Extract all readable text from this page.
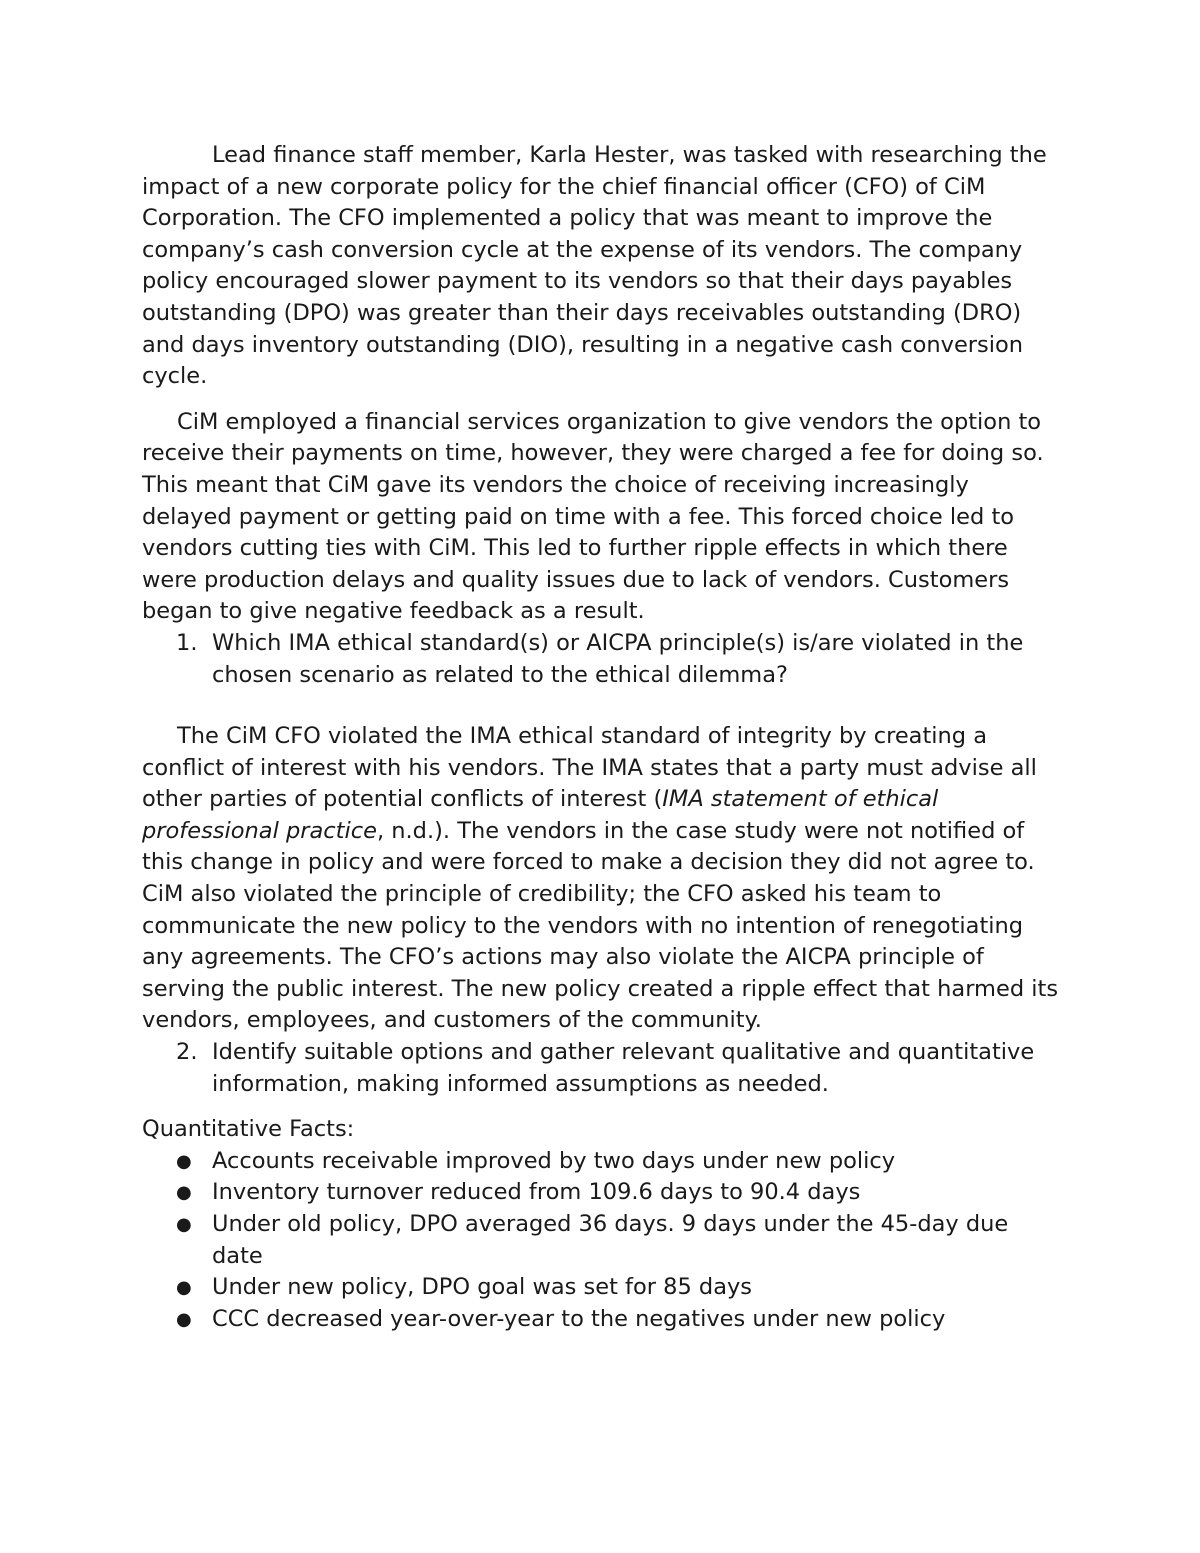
Lead finance staff member, Karla Hester, was tasked with researching the impact of a new corporate policy for the chief financial officer (CFO) of CiM Corporation. The CFO implemented a policy that was meant to improve the company’s cash conversion cycle at the expense of its vendors. The company policy encouraged slower payment to its vendors so that their days payables outstanding (DPO) was greater than their days receivables outstanding (DRO) and days inventory outstanding (DIO), resulting in a negative cash conversion cycle.

CiM employed a financial services organization to give vendors the option to receive their payments on time, however, they were charged a fee for doing so. This meant that CiM gave its vendors the choice of receiving increasingly delayed payment or getting paid on time with a fee. This forced choice led to vendors cutting ties with CiM. This led to further ripple effects in which there were production delays and quality issues due to lack of vendors. Customers began to give negative feedback as a result.

1. Which IMA ethical standard(s) or AICPA principle(s) is/are violated in the chosen scenario as related to the ethical dilemma?

The CiM CFO violated the IMA ethical standard of integrity by creating a conflict of interest with his vendors. The IMA states that a party must advise all other parties of potential conflicts of interest (IMA statement of ethical professional practice, n.d.). The vendors in the case study were not notified of this change in policy and were forced to make a decision they did not agree to. CiM also violated the principle of credibility; the CFO asked his team to communicate the new policy to the vendors with no intention of renegotiating any agreements. The CFO’s actions may also violate the AICPA principle of serving the public interest. The new policy created a ripple effect that harmed its vendors, employees, and customers of the community.

2. Identify suitable options and gather relevant qualitative and quantitative information, making informed assumptions as needed.

Quantitative Facts:

● Accounts receivable improved by two days under new policy
● Inventory turnover reduced from 109.6 days to 90.4 days
● Under old policy, DPO averaged 36 days. 9 days under the 45-day due date
● Under new policy, DPO goal was set for 85 days
● CCC decreased year-over-year to the negatives under new policy
